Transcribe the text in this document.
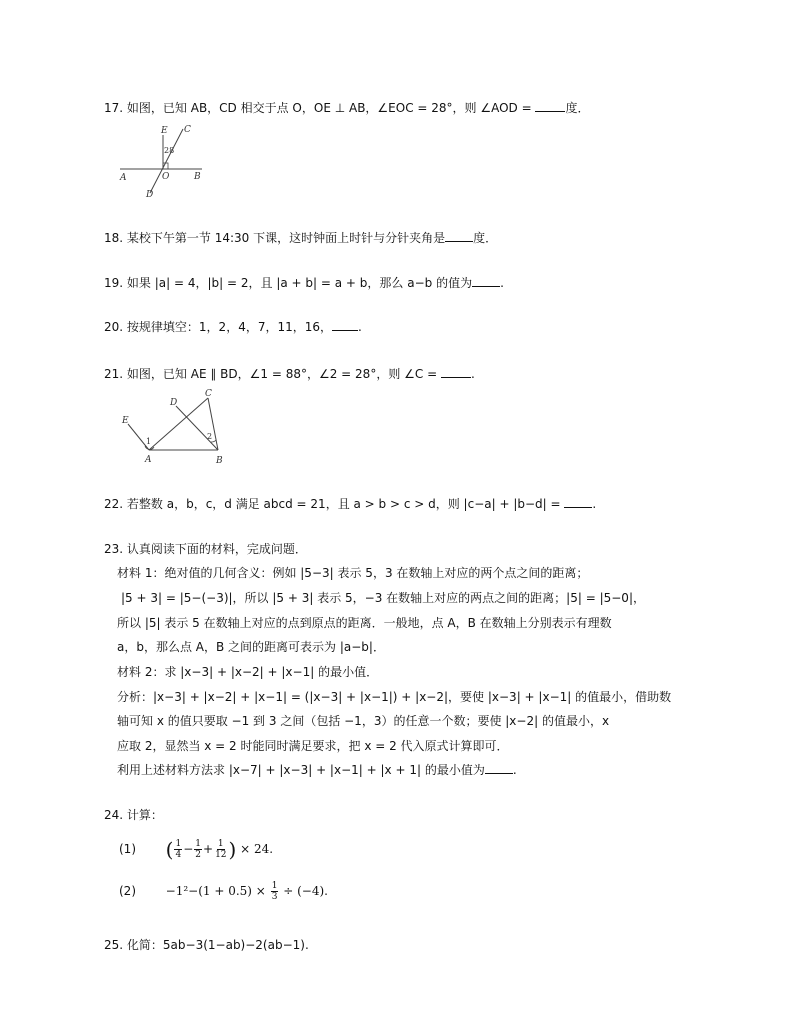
17. 如图，已知 AB，CD 相交于点 O，OE ⊥ AB，∠EOC = 28°，则 ∠AOD =	度．
E C
28
A	O	B
D
18. 某校下午第一节 14:30 下课，这时钟面上时针与分针夹角是 度．
19. 如果 |a| = 4，|b| = 2，且 |a + b| = a + b，那么 a−b 的值为 .
20. 按规律填空：1，2，4，7，11，16， .
21. 如图，已知 AE ∥ BD，∠1 = 88°，∠2 = 28°，则 ∠C =	.
E
D
C
1
2
A	B
22. 若整数 a，b，c，d 满足 abcd = 21，且 a > b > c > d，则 |c−a| + |b−d| = .
23. 认真阅读下面的材料，完成问题．
材料 1：绝对值的几何含义：例如 |5−3| 表示 5，3 在数轴上对应的两个点之间的距离；
|5 + 3| = |5−(−3)|，所以 |5 + 3| 表示 5，−3 在数轴上对应的两点之间的距离；|5| = |5−0|，
所以 |5| 表示 5 在数轴上对应的点到原点的距离．一般地，点 A，B 在数轴上分别表示有理数
a，b，那么点 A，B 之间的距离可表示为 |a−b|．
材料 2：求 |x−3| + |x−2| + |x−1| 的最小值．
分析：|x−3| + |x−2| + |x−1| = (|x−3| + |x−1|) + |x−2|，要使 |x−3| + |x−1| 的值最小，借助数
轴可知 x 的值只要取 −1 到 3 之间（包括 −1，3）的任意一个数；要使 |x−2| 的值最小，x
应取 2，显然当 x = 2 时能同时满足要求，把 x = 2 代入原式计算即可．
利用上述材料方法求 |x−7| + |x−3| + |x−1| + |x + 1| 的最小值为 .
24. 计算：
(1) ( $\frac{1}{4} - \frac{1}{2} + \frac{1}{12}$ ) × 24.
$(2) -1^2-(1 + 0.5) \times \frac{1}{3} \div (-4)$.
25. 化简：5ab−3(1−ab)−2(ab−1).
